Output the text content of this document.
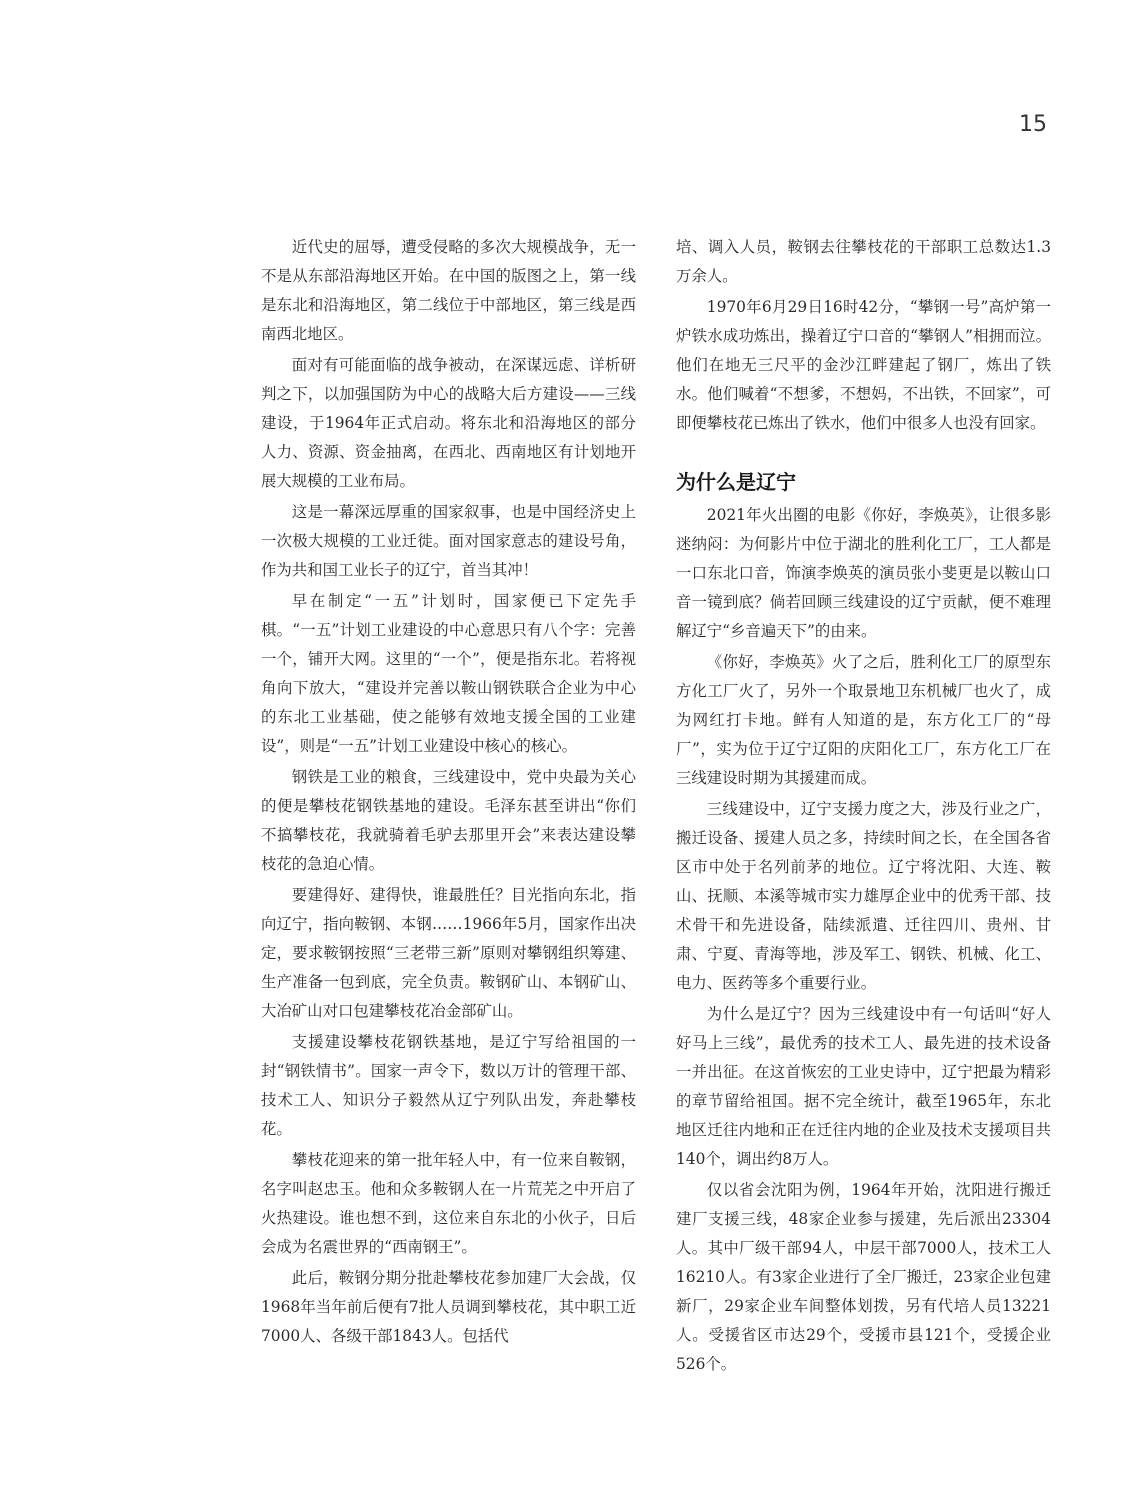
15

近代史的屈辱，遭受侵略的多次大规模战争，无一不是从东部沿海地区开始。在中国的版图之上，第一线是东北和沿海地区，第二线位于中部地区，第三线是西南西北地区。

面对有可能面临的战争被动，在深谋远虑、详析研判之下，以加强国防为中心的战略大后方建设——三线建设，于1964年正式启动。将东北和沿海地区的部分人力、资源、资金抽离，在西北、西南地区有计划地开展大规模的工业布局。

这是一幕深远厚重的国家叙事，也是中国经济史上一次极大规模的工业迁徙。面对国家意志的建设号角，作为共和国工业长子的辽宁，首当其冲！

早在制定“一五”计划时，国家便已下定先手棋。“一五”计划工业建设的中心意思只有八个字：完善一个，铺开大网。这里的“一个”，便是指东北。若将视角向下放大，“建设并完善以鞍山钢铁联合企业为中心的东北工业基础，使之能够有效地支援全国的工业建设”，则是“一五”计划工业建设中核心的核心。

钢铁是工业的粮食，三线建设中，党中央最为关心的便是攀枝花钢铁基地的建设。毛泽东甚至讲出“你们不搞攀枝花，我就骑着毛驴去那里开会”来表达建设攀枝花的急迫心情。

要建得好、建得快，谁最胜任？目光指向东北，指向辽宁，指向鞍钢、本钢……1966年5月，国家作出决定，要求鞍钢按照“三老带三新”原则对攀钢组织筹建、生产准备一包到底，完全负责。鞍钢矿山、本钢矿山、大冶矿山对口包建攀枝花冶金部矿山。

支援建设攀枝花钢铁基地，是辽宁写给祖国的一封“钢铁情书”。国家一声令下，数以万计的管理干部、技术工人、知识分子毅然从辽宁列队出发，奔赴攀枝花。

攀枝花迎来的第一批年轻人中，有一位来自鞍钢，名字叫赵忠玉。他和众多鞍钢人在一片荒芜之中开启了火热建设。谁也想不到，这位来自东北的小伙子，日后会成为名震世界的“西南钢王”。

此后，鞍钢分期分批赴攀枝花参加建厂大会战，仅1968年当年前后便有7批人员调到攀枝花，其中职工近7000人、各级干部1843人。包括代

培、调入人员，鞍钢去往攀枝花的干部职工总数达1.3万余人。

1970年6月29日16时42分，“攀钢一号”高炉第一炉铁水成功炼出，操着辽宁口音的“攀钢人”相拥而泣。他们在地无三尺平的金沙江畔建起了钢厂，炼出了铁水。他们喊着“不想爹，不想妈，不出铁，不回家”，可即便攀枝花已炼出了铁水，他们中很多人也没有回家。

为什么是辽宁

2021年火出圈的电影《你好，李焕英》，让很多影迷纳闷：为何影片中位于湖北的胜利化工厂，工人都是一口东北口音，饰演李焕英的演员张小斐更是以鞍山口音一镜到底？倘若回顾三线建设的辽宁贡献，便不难理解辽宁“乡音遍天下”的由来。

《你好，李焕英》火了之后，胜利化工厂的原型东方化工厂火了，另外一个取景地卫东机械厂也火了，成为网红打卡地。鲜有人知道的是，东方化工厂的“母厂”，实为位于辽宁辽阳的庆阳化工厂，东方化工厂在三线建设时期为其援建而成。

三线建设中，辽宁支援力度之大，涉及行业之广，搬迁设备、援建人员之多，持续时间之长，在全国各省区市中处于名列前茅的地位。辽宁将沈阳、大连、鞍山、抚顺、本溪等城市实力雄厚企业中的优秀干部、技术骨干和先进设备，陆续派遣、迁往四川、贵州、甘肃、宁夏、青海等地，涉及军工、钢铁、机械、化工、电力、医药等多个重要行业。

为什么是辽宁？因为三线建设中有一句话叫“好人好马上三线”，最优秀的技术工人、最先进的技术设备一并出征。在这首恢宏的工业史诗中，辽宁把最为精彩的章节留给祖国。据不完全统计，截至1965年，东北地区迁往内地和正在迁往内地的企业及技术支援项目共140个，调出约8万人。

仅以省会沈阳为例，1964年开始，沈阳进行搬迁建厂支援三线，48家企业参与援建，先后派出23304人。其中厂级干部94人，中层干部7000人，技术工人16210人。有3家企业进行了全厂搬迁，23家企业包建新厂，29家企业车间整体划拨，另有代培人员13221人。受援省区市达29个，受援市县121个，受援企业526个。
